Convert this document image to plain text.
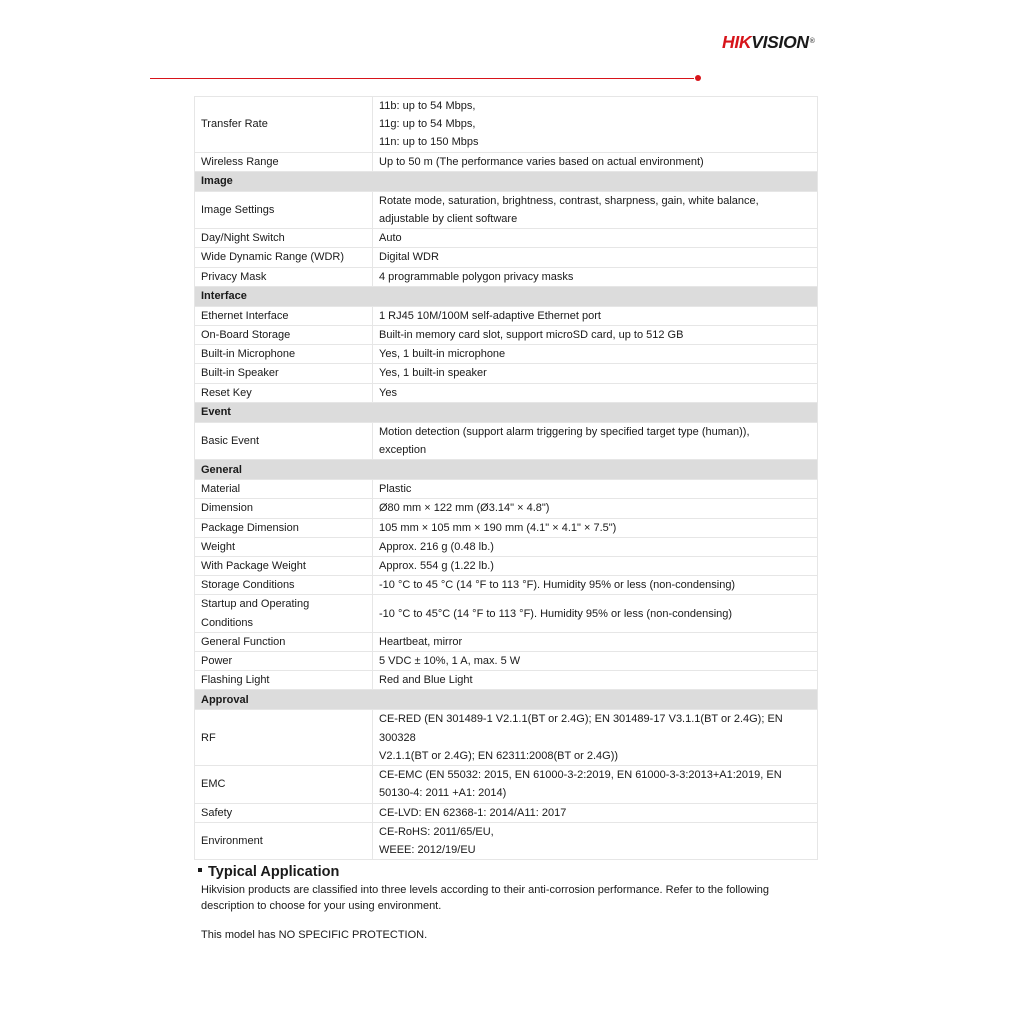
HIKVISION®
Transfer Rate	11b: up to 54 Mbps,
11g: up to 54 Mbps,
11n: up to 150 Mbps

Wireless Range	Up to 50 m (The performance varies based on actual environment)

Image	
Image Settings	Rotate mode, saturation, brightness, contrast, sharpness, gain, white balance,
adjustable by client software

Day/Night Switch	Auto

Wide Dynamic Range (WDR)	Digital WDR

Privacy Mask	4 programmable polygon privacy masks

Interface	
Ethernet Interface	1 RJ45 10M/100M self-adaptive Ethernet port

On-Board Storage	Built-in memory card slot, support microSD card, up to 512 GB

Built-in Microphone	Yes, 1 built-in microphone

Built-in Speaker	Yes, 1 built-in speaker

Reset Key	Yes

Event	
Basic Event	Motion detection (support alarm triggering by specified target type (human)),
exception

General	
Material	Plastic

Dimension	Ø80 mm × 122 mm (Ø3.14" × 4.8")

Package Dimension	105 mm × 105 mm × 190 mm (4.1" × 4.1" × 7.5")

Weight	Approx. 216 g (0.48 lb.)

With Package Weight	Approx. 554 g (1.22 lb.)

Storage Conditions	-10 °C to 45 °C (14 °F to 113 °F). Humidity 95% or less (non-condensing)

Startup and Operating
Conditions	-10 °C to 45°C (14 °F to 113 °F). Humidity 95% or less (non-condensing)

General Function	Heartbeat, mirror

Power	5 VDC ± 10%, 1 A, max. 5 W

Flashing Light	Red and Blue Light

Approval	
RF	CE-RED (EN 301489-1 V2.1.1(BT or 2.4G); EN 301489-17 V3.1.1(BT or 2.4G); EN 300328
V2.1.1(BT or 2.4G); EN 62311:2008(BT or 2.4G))

EMC	CE-EMC (EN 55032: 2015, EN 61000-3-2:2019, EN 61000-3-3:2013+A1:2019, EN
50130-4: 2011 +A1: 2014)

Safety	CE-LVD: EN 62368-1: 2014/A11: 2017

Environment	CE-RoHS: 2011/65/EU,
WEEE: 2012/19/EU
Typical Application
Hikvision products are classified into three levels according to their anti-corrosion performance. Refer to the following description to choose for your using environment.
This model has NO SPECIFIC PROTECTION.
